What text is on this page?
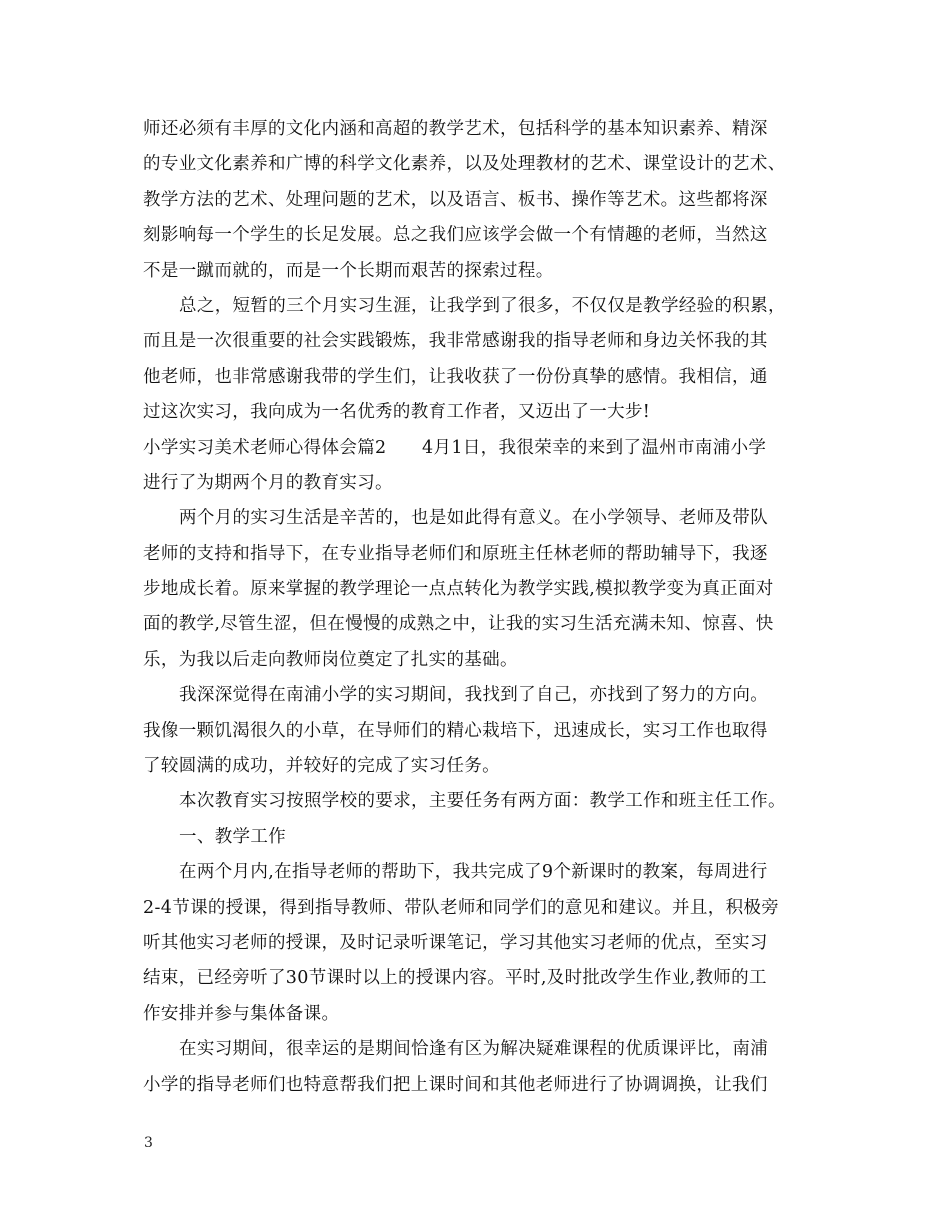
师还必须有丰厚的文化内涵和高超的教学艺术，包括科学的基本知识素养、精深
的专业文化素养和广博的科学文化素养，以及处理教材的艺术、课堂设计的艺术、
教学方法的艺术、处理问题的艺术，以及语言、板书、操作等艺术。这些都将深
刻影响每一个学生的长足发展。总之我们应该学会做一个有情趣的老师，当然这
不是一蹴而就的，而是一个长期而艰苦的探索过程。
总之，短暂的三个月实习生涯，让我学到了很多，不仅仅是教学经验的积累，
而且是一次很重要的社会实践锻炼，我非常感谢我的指导老师和身边关怀我的其
他老师，也非常感谢我带的学生们，让我收获了一份份真挚的感情。我相信，通
过这次实习，我向成为一名优秀的教育工作者，又迈出了一大步!
小学实习美术老师心得体会篇2      4月1日，我很荣幸的来到了温州市南浦小学
进行了为期两个月的教育实习。
两个月的实习生活是辛苦的，也是如此得有意义。在小学领导、老师及带队
老师的支持和指导下，在专业指导老师们和原班主任林老师的帮助辅导下，我逐
步地成长着。原来掌握的教学理论一点点转化为教学实践,模拟教学变为真正面对
面的教学,尽管生涩，但在慢慢的成熟之中，让我的实习生活充满未知、惊喜、快
乐，为我以后走向教师岗位奠定了扎实的基础。
我深深觉得在南浦小学的实习期间，我找到了自己，亦找到了努力的方向。
我像一颗饥渴很久的小草，在导师们的精心栽培下，迅速成长，实习工作也取得
了较圆满的成功，并较好的完成了实习任务。
本次教育实习按照学校的要求，主要任务有两方面：教学工作和班主任工作。
一、教学工作
在两个月内,在指导老师的帮助下，我共完成了9个新课时的教案，每周进行
2-4节课的授课，得到指导教师、带队老师和同学们的意见和建议。并且，积极旁
听其他实习老师的授课，及时记录听课笔记，学习其他实习老师的优点，至实习
结束，已经旁听了30节课时以上的授课内容。平时,及时批改学生作业,教师的工
作安排并参与集体备课。
在实习期间，很幸运的是期间恰逢有区为解决疑难课程的优质课评比，南浦
小学的指导老师们也特意帮我们把上课时间和其他老师进行了协调调换，让我们
3
